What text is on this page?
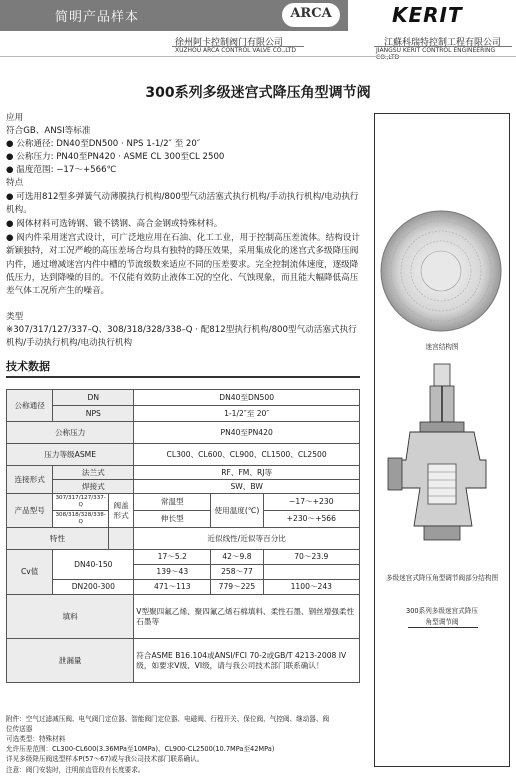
简明产品样本	ARCA	KERIT
徐州阿卡控制阀门有限公司
XUZHOU ARCA CONTROL VALVE CO.,LTD
江蘇科瑞特控制工程有限公司
JIANGSU KERIT CONTROL ENGINEERING CO.,LTD
300系列多级迷宫式降压角型调节阀
应用
符合GB、ANSI等标准
● 公称通径: DN40至DN500 · NPS 1-1/2″ 至 20″
● 公称压力: PN40至PN420 · ASME CL 300至CL 2500
● 温度范围: −17～+566℃
特点
● 可选用812型多弹簧气动薄膜执行机构/800型气动活塞式执行机构/手动执行机构/电动执行机构。
● 阀体材料可选铸钢、锻不锈钢、高合金钢或特殊材料。
● 阀内件采用迷宫式设计，可广泛地应用在石油、化工工业，用于控制高压差流体。结构设计新颖独特，对工况严峻的高压差场合均具有独特的降压效果，采用集成化的迷宫式多级降压阀内件，通过增减迷宫内件中槽的节流级数来适应不同的压差要求。完全控制流体速度，逐级降低压力，达到降噪的目的。不仅能有效防止液体工况的空化、气蚀现象，而且能大幅降低高压差气体工况所产生的噪音。
类型
※307/317/127/337–Q、308/318/328/338–Q · 配812型执行机构/800型气动活塞式执行机构/手动执行机构/电动执行机构
技术数据
公称通径	DN		DN40至DN500		
	NPS		1-1/2″至 20″		
公称压力			PN40至PN420		
压力等级ASME			CL300、CL600、CL900、CL1500、CL2500		
连接形式	法兰式		RF、FM、RJ等		
	焊接式		SW、BW		
产品型号	307/317/127/337-Q	阀盖形式	常温型	使用温度(℃)	−17～+230
	308/318/328/338-Q		伸长型		+230～+566
特性			近似线性/近似等百分比		
Cv值	DN40-150		17～5.2	42～9.8	70～23.9
			139～43	258～77	
	DN200-300		471～113	779～225	1100～243
填料			V型聚四氟乙烯、聚四氟乙烯石棉填料、柔性石墨、钢丝增强柔性石墨等		
泄漏量			符合ASME B16.104或ANSI/FCI 70-2或GB/T 4213-2008 IV级，如要求V级、VI级，请与我公司技术部门联系确认！		
附件：空气过滤减压阀、电气阀门定位器、智能阀门定位器、电磁阀、行程开关、保位阀、气控阀、继动器、阀
位传送器
可选类型：特殊材料
允许压差范围：CL300-CL600(3.36MPa至10MPa)、CL900-CL2500(10.7MPa至42MPa)
详见多级降压阀选型样本P(57～67)或与我公司技术部门联系确认。
注意：阀门安装时，注明前直管段有长度要求。
迷宫结构图
多级迷宫式降压角型调节阀部分结构图
300系列多级迷宫式降压
角型调节阀
